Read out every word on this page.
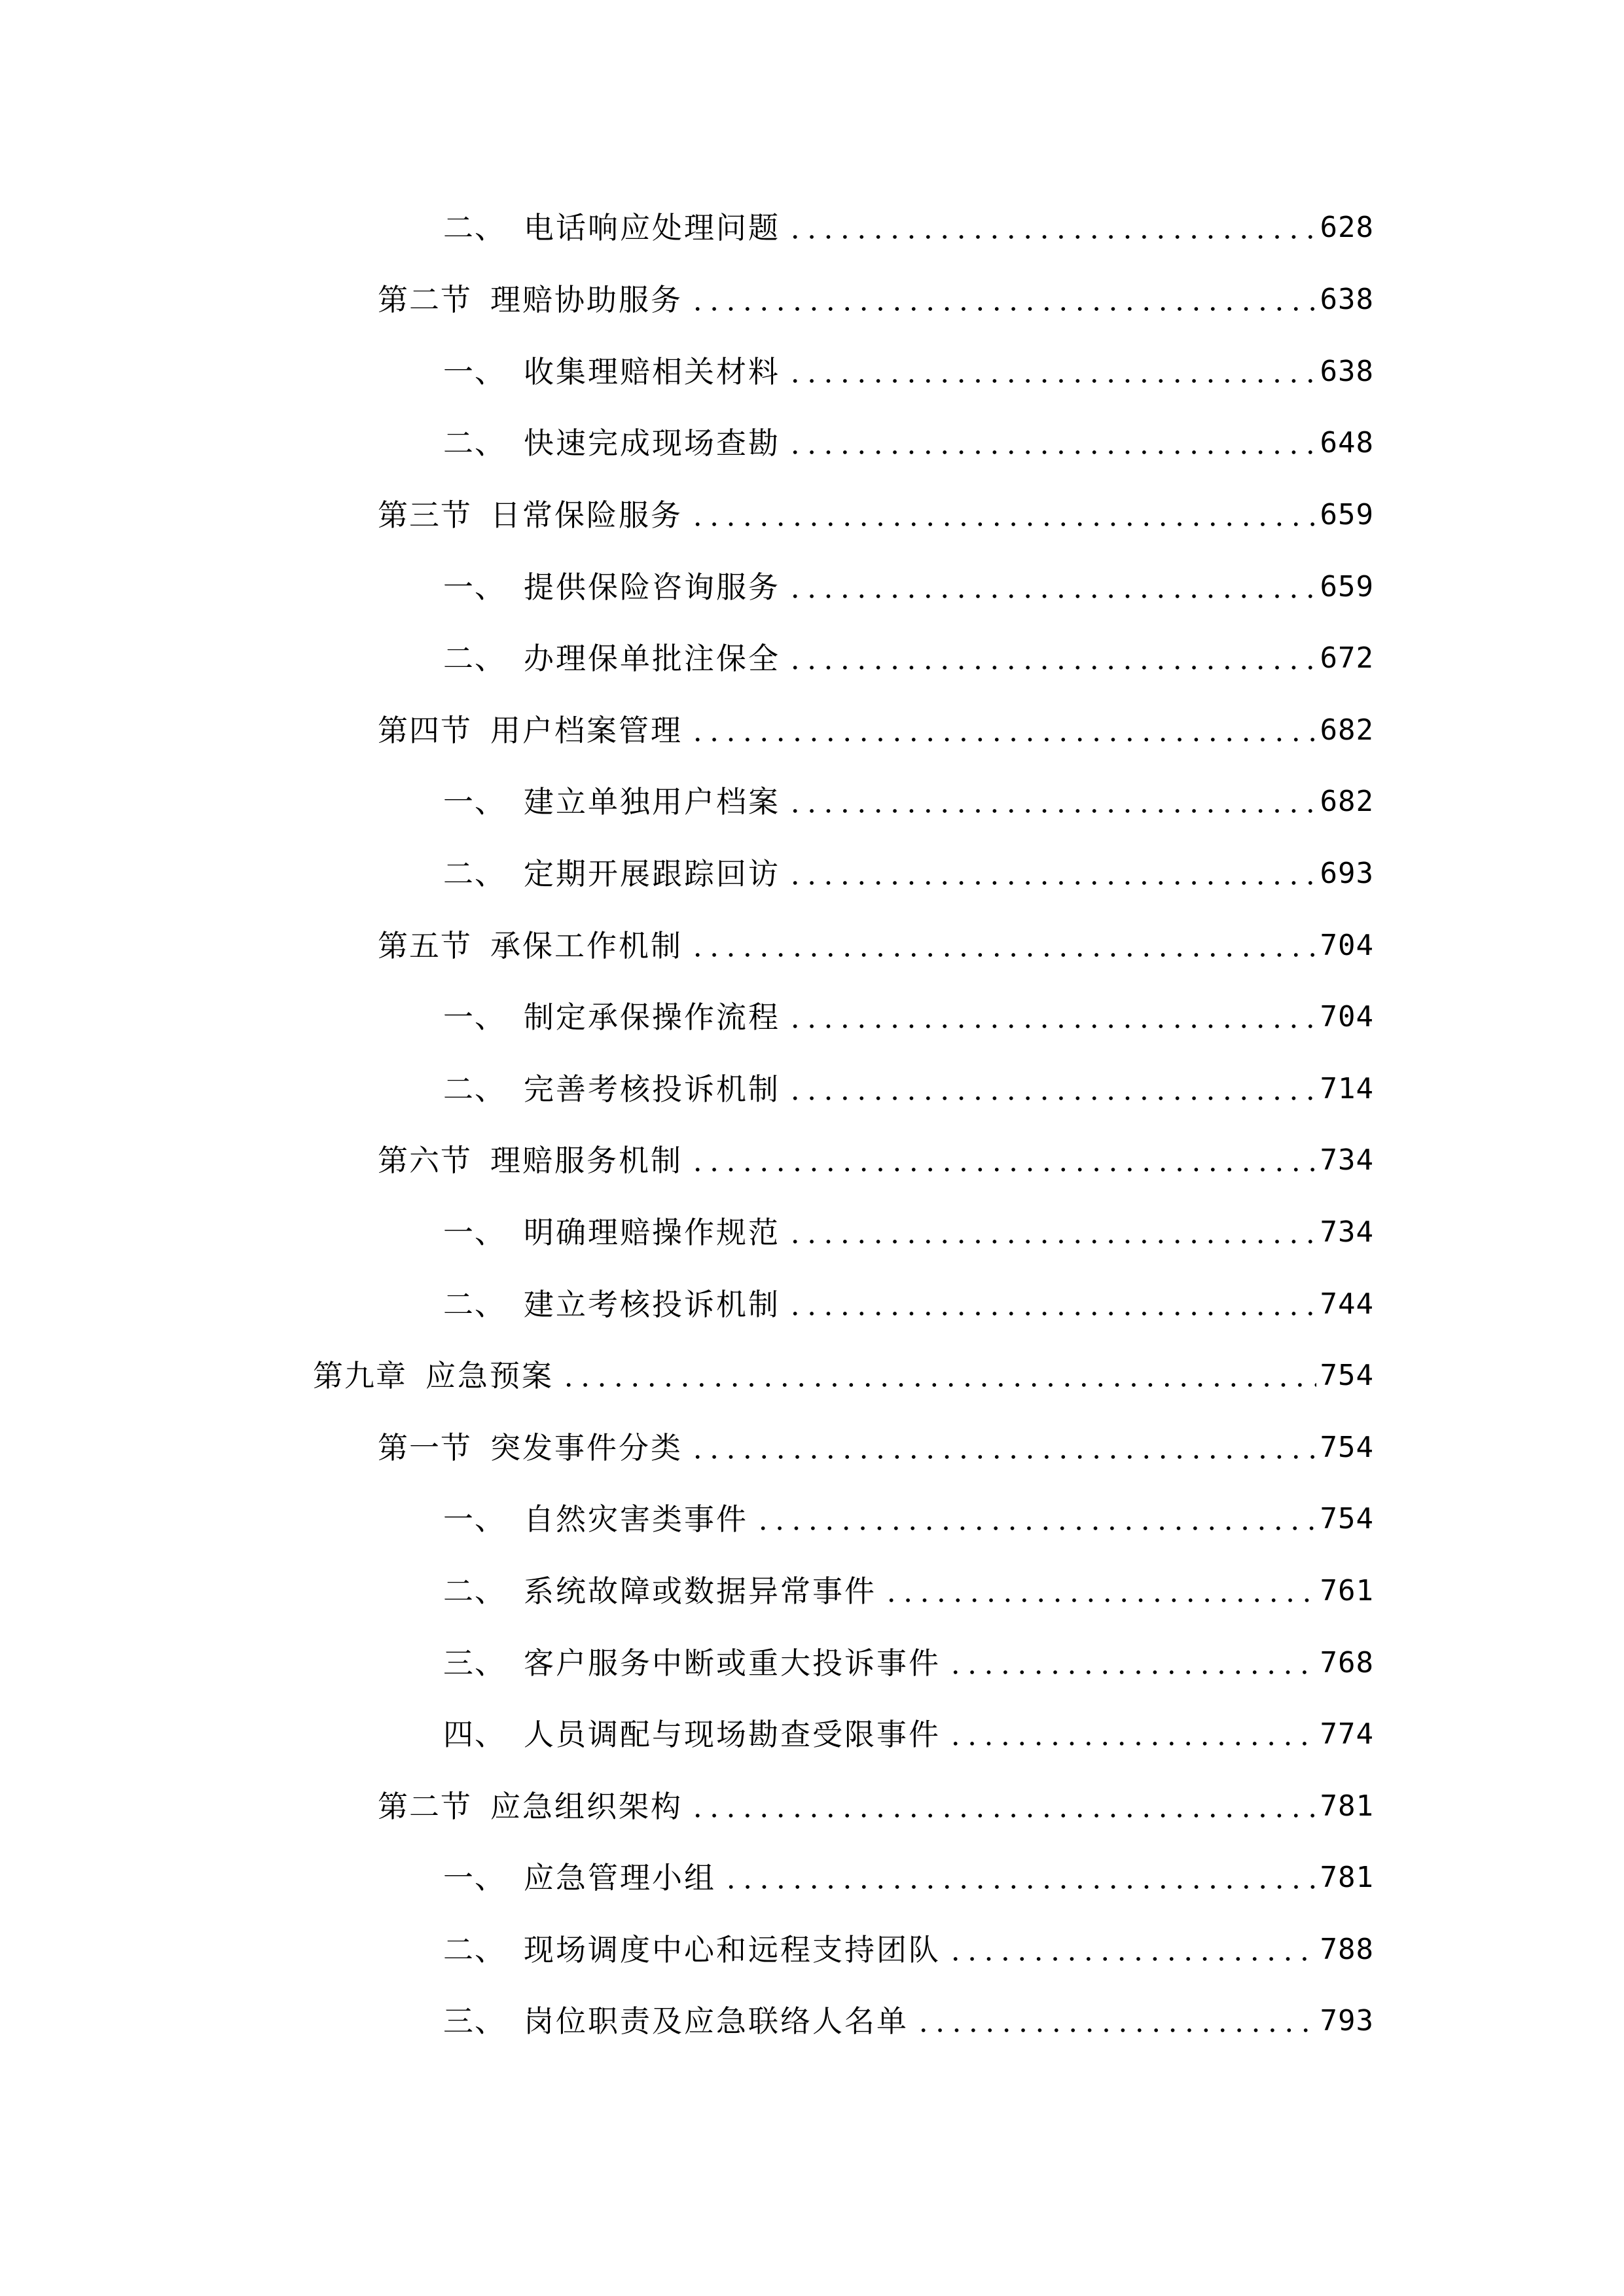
二、 电话响应处理问题	628
第二节 理赔协助服务	638
一、 收集理赔相关材料	638
二、 快速完成现场查勘	648
第三节 日常保险服务	659
一、 提供保险咨询服务	659
二、 办理保单批注保全	672
第四节 用户档案管理	682
一、 建立单独用户档案	682
二、 定期开展跟踪回访	693
第五节 承保工作机制	704
一、 制定承保操作流程	704
二、 完善考核投诉机制	714
第六节 理赔服务机制	734
一、 明确理赔操作规范	734
二、 建立考核投诉机制	744
第九章 应急预案	754
第一节 突发事件分类	754
一、 自然灾害类事件	754
二、 系统故障或数据异常事件	761
三、 客户服务中断或重大投诉事件	768
四、 人员调配与现场勘查受限事件	774
第二节 应急组织架构	781
一、 应急管理小组	781
二、 现场调度中心和远程支持团队	788
三、 岗位职责及应急联络人名单	793
